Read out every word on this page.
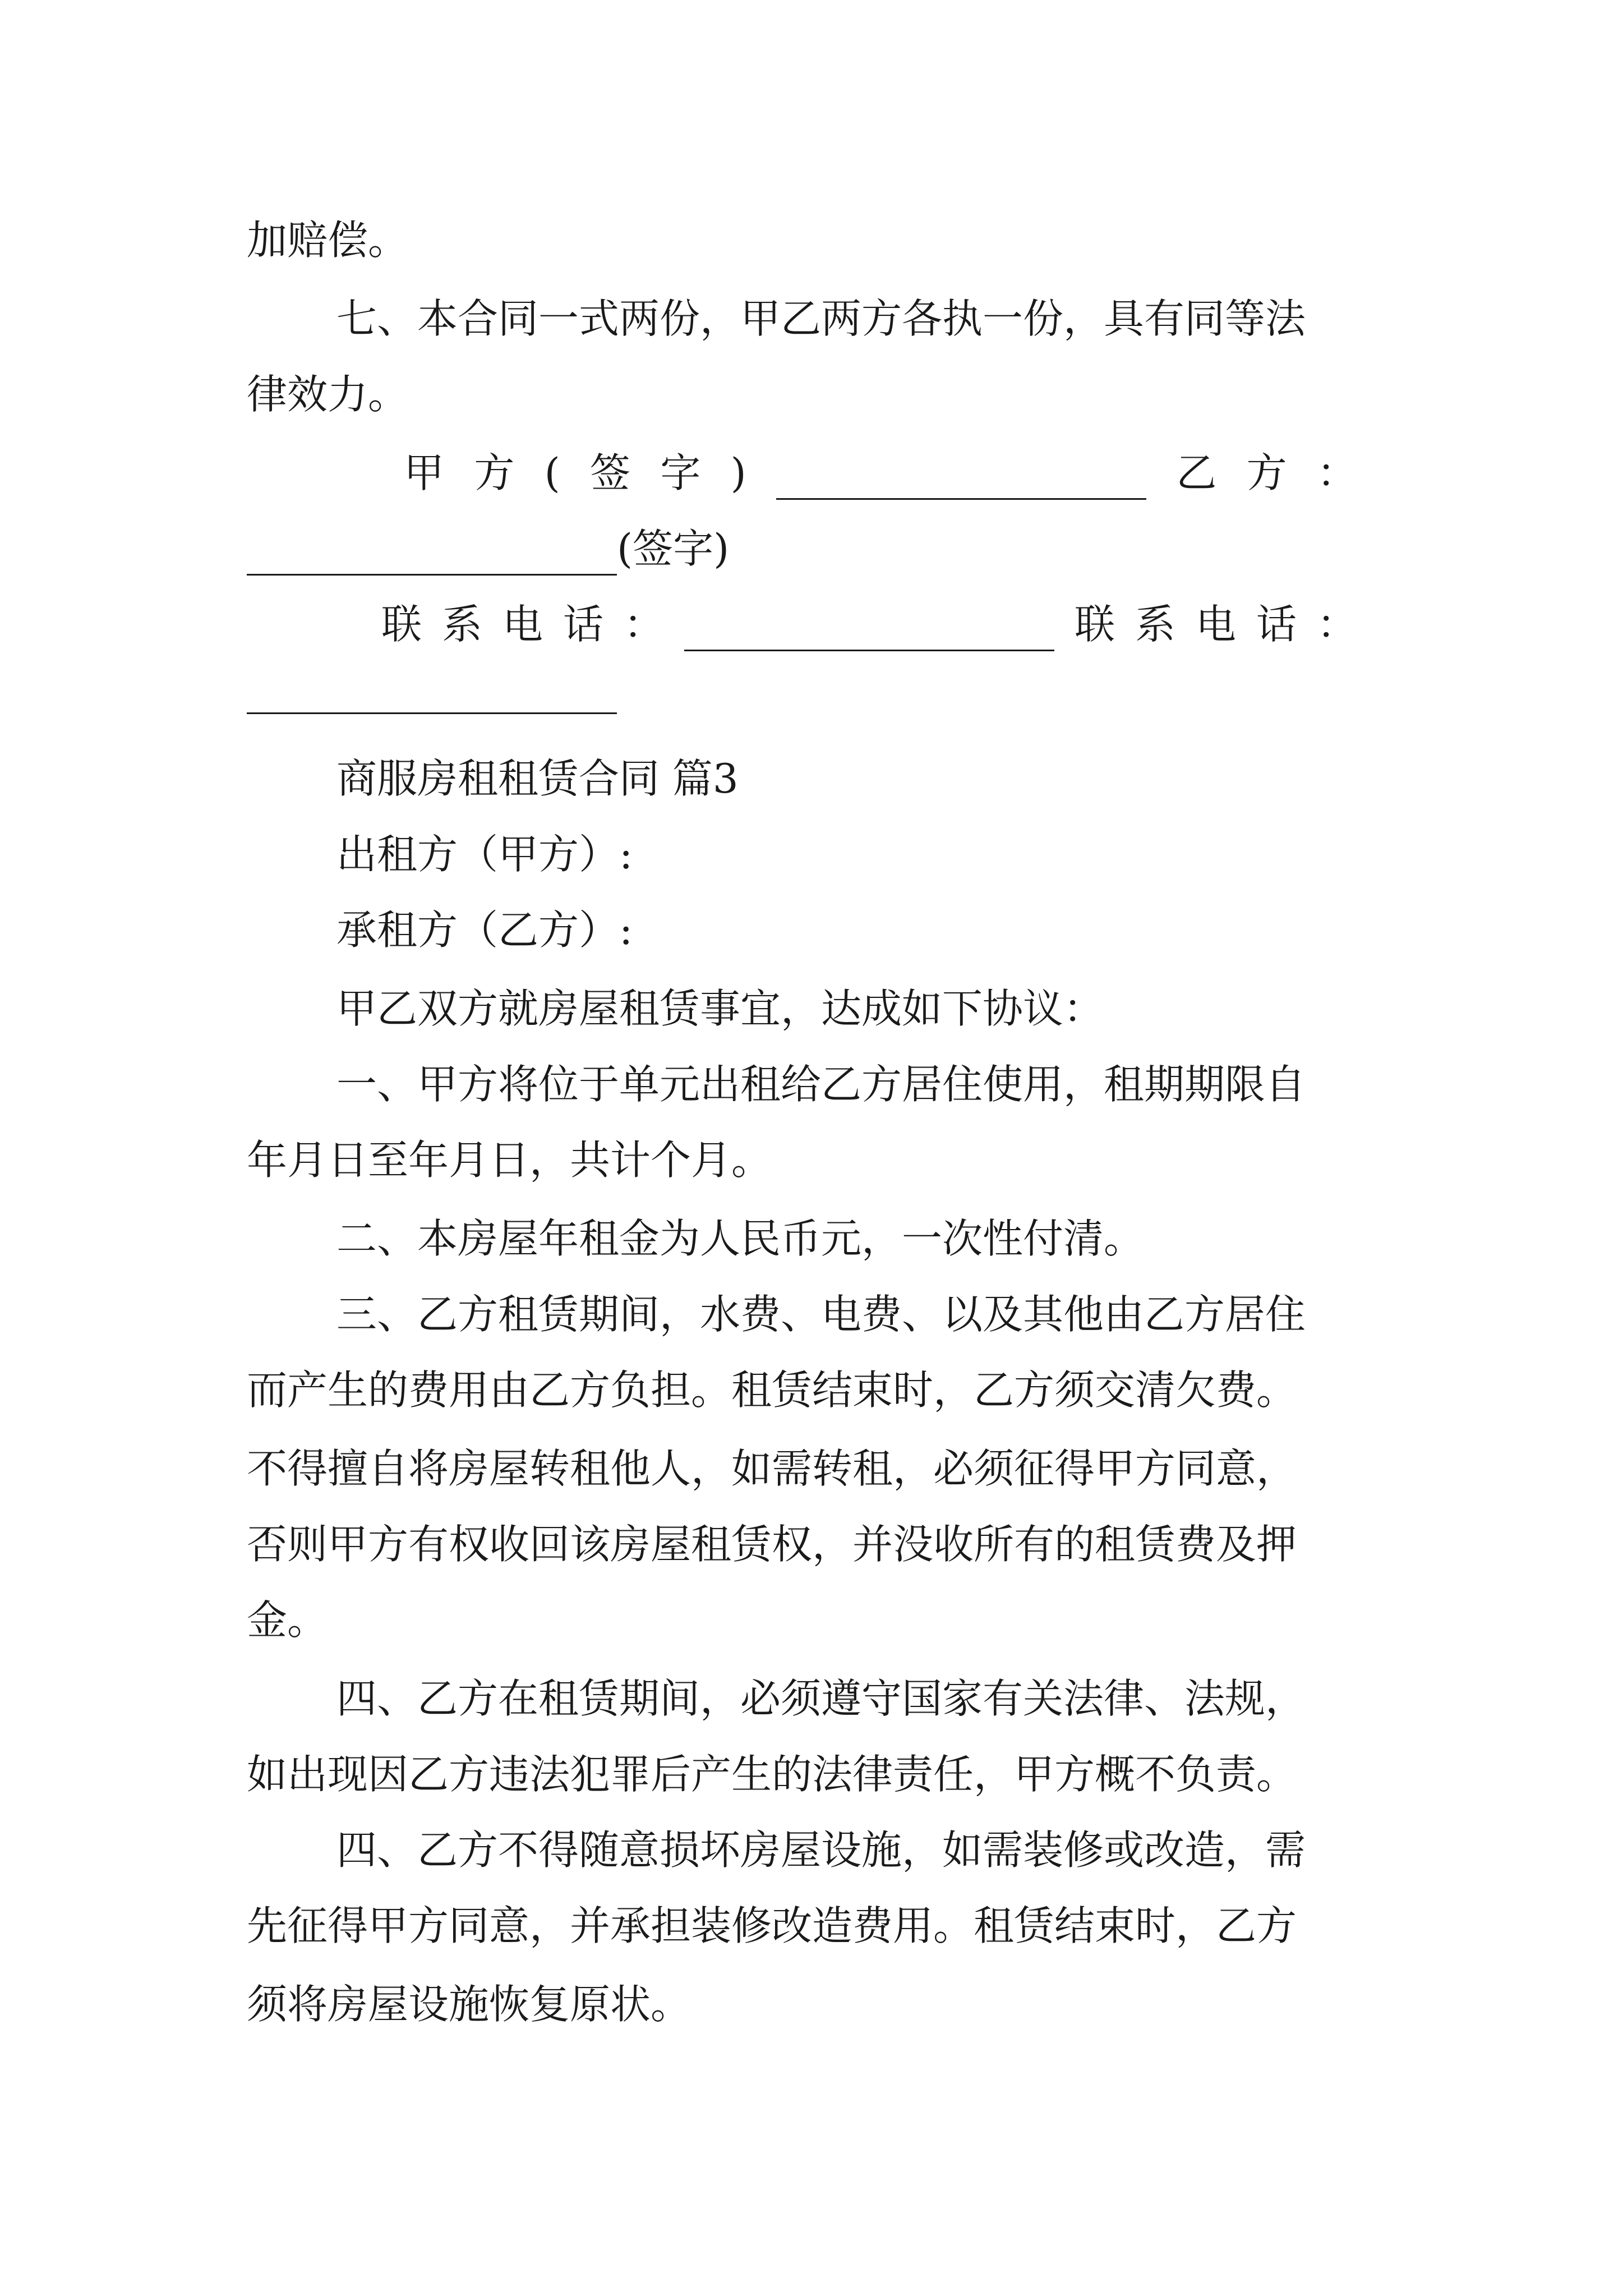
加赔偿。
七、本合同一式两份，甲乙两方各执一份，具有同等法
律效力。
甲 方 ( 签 字 )	乙 方 ：
(签字)
联 系 电 话 ：	联 系 电 话 ：
商服房租租赁合同 篇3
出租方（甲方）:
承租方（乙方）:
甲乙双方就房屋租赁事宜，达成如下协议：
一、甲方将位于单元出租给乙方居住使用，租期期限自
年月日至年月日，共计个月。
二、本房屋年租金为人民币元，一次性付清。
三、乙方租赁期间，水费、电费、以及其他由乙方居住
而产生的费用由乙方负担。租赁结束时，乙方须交清欠费。
不得擅自将房屋转租他人，如需转租，必须征得甲方同意，
否则甲方有权收回该房屋租赁权，并没收所有的租赁费及押
金。
四、乙方在租赁期间，必须遵守国家有关法律、法规，
如出现因乙方违法犯罪后产生的法律责任，甲方概不负责。
四、乙方不得随意损坏房屋设施，如需装修或改造，需
先征得甲方同意，并承担装修改造费用。租赁结束时，乙方
须将房屋设施恢复原状。
